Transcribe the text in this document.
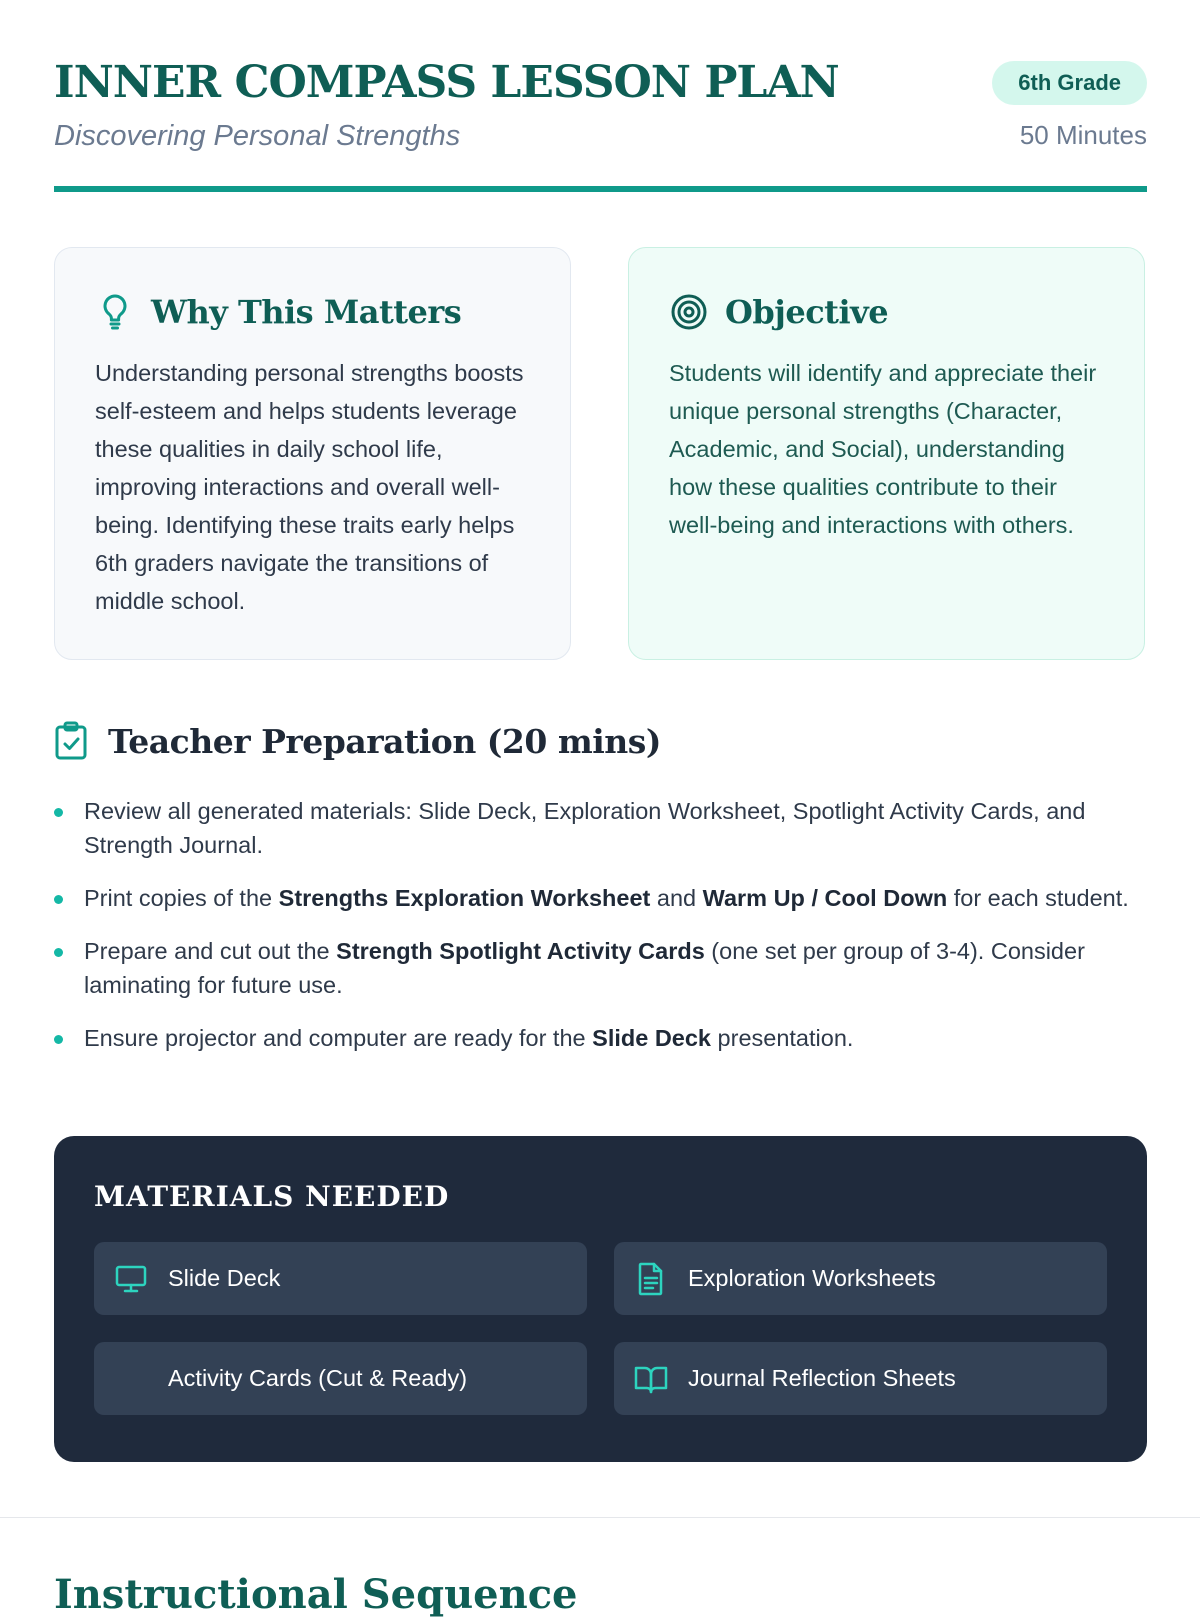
INNER COMPASS LESSON PLAN
Discovering Personal Strengths
6th Grade
50 Minutes
Why This Matters

Understanding personal strengths boosts self-esteem and helps students leverage these qualities in daily school life, improving interactions and overall well-being. Identifying these traits early helps 6th graders navigate the transitions of middle school.

Objective

Students will identify and appreciate their unique personal strengths (Character, Academic, and Social), understanding how these qualities contribute to their well-being and interactions with others.

Teacher Preparation (20 mins)
Review all generated materials: Slide Deck, Exploration Worksheet, Spotlight Activity Cards, and Strength Journal.
Print copies of the Strengths Exploration Worksheet and Warm Up / Cool Down for each student.
Prepare and cut out the Strength Spotlight Activity Cards (one set per group of 3-4). Consider laminating for future use.
Ensure projector and computer are ready for the Slide Deck presentation.
MATERIALS NEEDED
Slide Deck	Exploration Worksheets
Activity Cards (Cut & Ready)	Journal Reflection Sheets
Instructional Sequence
